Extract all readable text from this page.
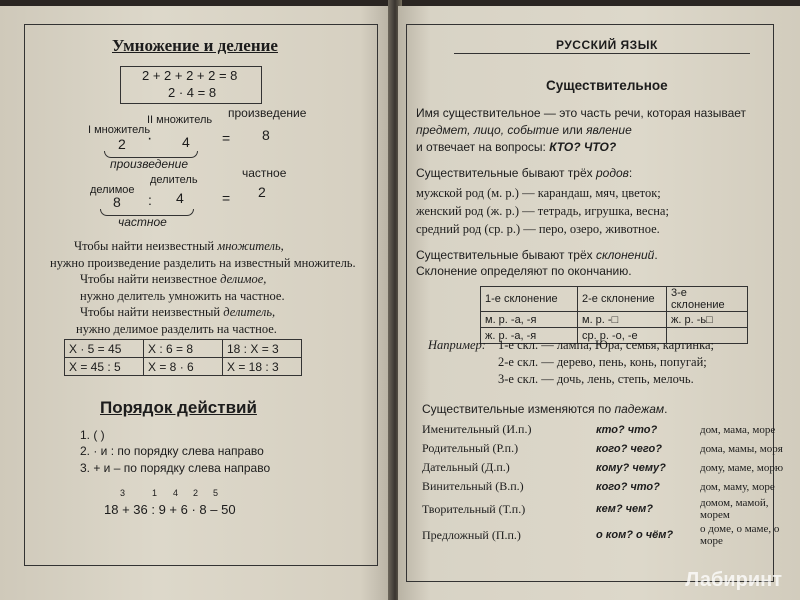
Умножение и деление
2 + 2 + 2 + 2 = 8
2 · 4 = 8
I множитель
II множитель произведение
2 · 4 = 8
произведение
делимое
делитель	частное
8 : 4	= 2
частное
Чтобы найти неизвестный множитель,
нужно произведение разделить на известный множитель.
Чтобы найти неизвестное делимое,
нужно делитель умножить на частное.
Чтобы найти неизвестный делитель,
нужно делимое разделить на частное.
X · 5 = 45	X : 6 = 8	18 : X = 3
X = 45 : 5	X = 8 · 6	X = 18 : 3
Порядок действий
1. ( )
2. · и : по порядку слева направо
3. + и – по порядку слева направо
3	1 4 2 5
18 + 36 : 9 + 6 · 8 – 50
РУССКИЙ ЯЗЫК
Существительное
Имя существительное — это часть речи, которая называет
предмет, лицо, событие или явление
и отвечает на вопросы: КТО? ЧТО?
Существительные бывают трёх родов:
мужской род (м. р.) — карандаш, мяч, цветок;
женский род (ж. р.) — тетрадь, игрушка, весна;
средний род (ср. р.) — перо, озеро, животное.
Существительные бывают трёх склонений.
Склонение определяют по окончанию.
1-е склонение	2-е склонение	3-е склонение
м. р. -а, -я	м. р. -□	ж. р. -ь□
ж. р. -а, -я	ср. р. -о, -е	
Например: 1-е скл. — лампа, Юра, семья, картинка;
2-е скл. — дерево, пень, конь, попугай;
3-е скл. — дочь, лень, степь, мелочь.
Существительные изменяются по падежам.
Именительный (И.п.)	кто? что?	дом, мама, море
Родительный (Р.п.)	кого? чего?	дома, мамы, моря
Дательный (Д.п.)	кому? чему?	дому, маме, морю
Винительный (В.п.)	кого? что?	дом, маму, море
Творительный (Т.п.)	кем? чем?	домом, мамой, морем
Предложный (П.п.)	о ком? о чём?	о доме, о маме, о море
Лабиринт
